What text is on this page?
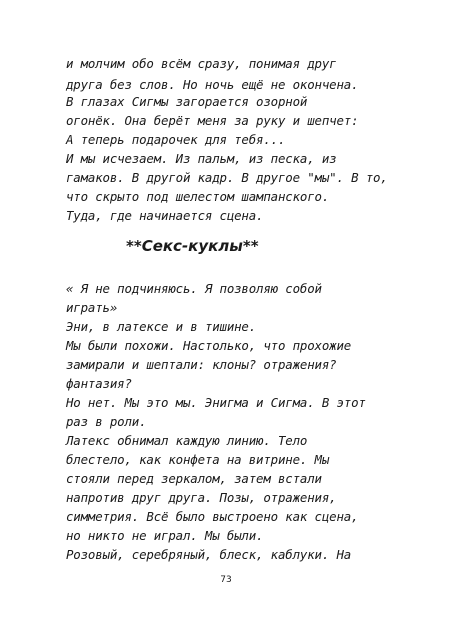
и молчим обо всём сразу, понимая друг
друга без слов. Но ночь ещё не окончена.
В глазах Сигмы загорается озорной
огонёк. Она берёт меня за руку и шепчет:
А теперь подарочек для тебя...
И мы исчезаем. Из пальм, из песка, из
гамаков. В другой кадр. В другое "мы". В то,
что скрыто под шелестом шампанского.
Туда, где начинается сцена.
**Секс-куклы**
« Я не подчиняюсь. Я позволяю собой
играть»
Эни, в латексе и в тишине.
Мы были похожи. Настолько, что прохожие
замирали и шептали: клоны? отражения?
фантазия?
Но нет. Мы это мы. Энигма и Сигма. В этот
раз в роли.
Латекс обнимал каждую линию. Тело
блестело, как конфета на витрине. Мы
стояли перед зеркалом, затем встали
напротив друг друга. Позы, отражения,
симметрия. Всё было выстроено как сцена,
но никто не играл. Мы были.
Розовый, серебряный, блеск, каблуки. На
73
